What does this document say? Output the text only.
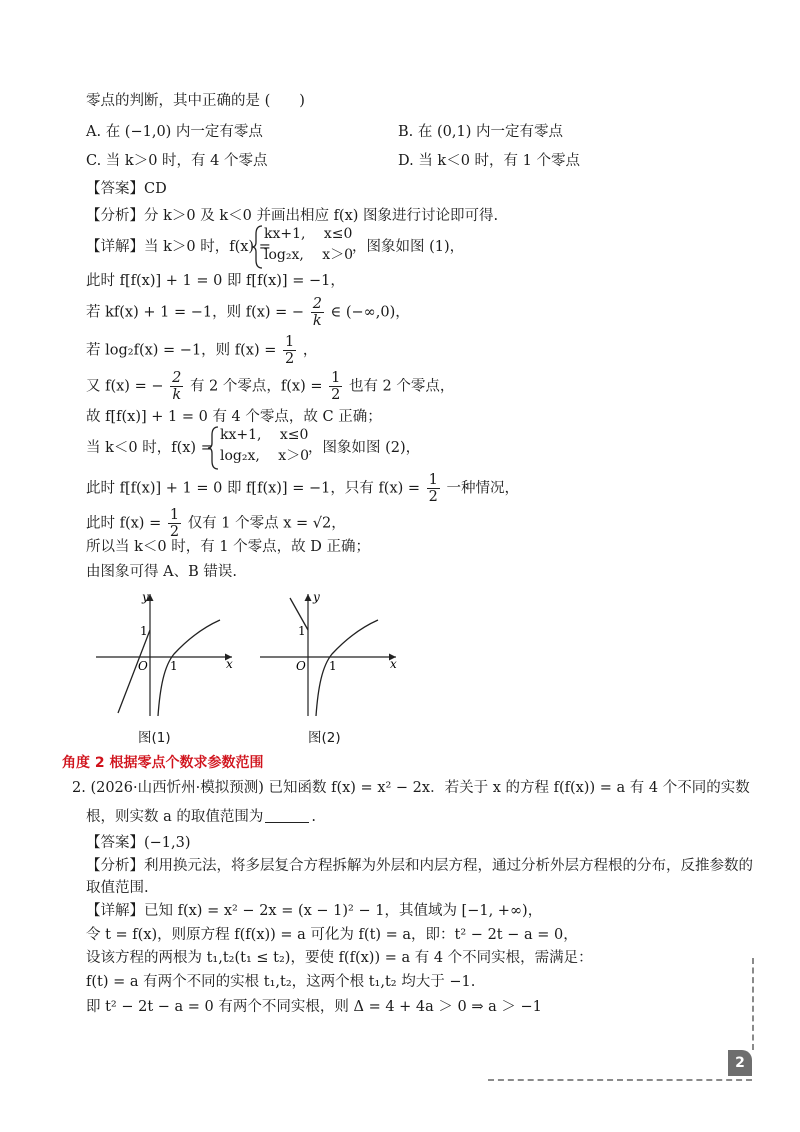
零点的判断，其中正确的是 (　　)
A. 在 (−1,0) 内一定有零点	B. 在 (0,1) 内一定有零点
C. 当 k＞0 时，有 4 个零点	D. 当 k＜0 时，有 1 个零点
【答案】CD
【分析】分 k＞0 及 k＜0 并画出相应 f(x) 图象进行讨论即可得.
【详解】当 k＞0 时，f(x) =
kx+1,　 x≤0
log₂x,　 x＞0
，图象如图 (1)，
此时 f[f(x)] + 1 = 0 即 f[f(x)] = −1，
若 kf(x) + 1 = −1，则 f(x) = − $\frac{2}{k}$ ∈ (−∞,0)，
若 log₂f(x) = −1，则 $f(x) = \frac{1}{2}$ ，
又 f(x) = − $\frac{2}{k}$ 有 2 个零点，$f(x) = \frac{1}{2}$ 也有 2 个零点，
故 f[f(x)] + 1 = 0 有 4 个零点，故 C 正确；
当 k＜0 时，f(x) =
kx+1,　 x≤0
log₂x,　 x＞0
，图象如图 (2)，
此时 f[f(x)] + 1 = 0 即 f[f(x)] = −1，只有 $f(x) = \frac{1}{2}$ 一种情况，
此时 $f(x) = \frac{1}{2}$ 仅有 1 个零点 x = √2，
所以当 k＜0 时，有 1 个零点，故 D 正确；
由图象可得 A、B 错误.
y
x
O 1
1
图(1)
y
x
O 1
1
图(2)
角度 2 根据零点个数求参数范围
2. (2026·山西忻州·模拟预测) 已知函数 f(x) = x² − 2x．若关于 x 的方程 f(f(x)) = a 有 4 个不同的实数
根，则实数 a 的取值范围为	.
【答案】(−1,3)
【分析】利用换元法，将多层复合方程拆解为外层和内层方程，通过分析外层方程根的分布，反推参数的
取值范围.
【详解】已知 f(x) = x² − 2x = (x − 1)² − 1，其值域为 [−1, +∞)，
令 t = f(x)，则原方程 f(f(x)) = a 可化为 f(t) = a，即：t² − 2t − a = 0，
设该方程的两根为 t₁,t₂(t₁ ≤ t₂)，要使 f(f(x)) = a 有 4 个不同实根，需满足：
f(t) = a 有两个不同的实根 t₁,t₂，这两个根 t₁,t₂ 均大于 −1.
即 t² − 2t − a = 0 有两个不同实根，则 Δ = 4 + 4a ＞ 0 ⇒ a ＞ −1
2
